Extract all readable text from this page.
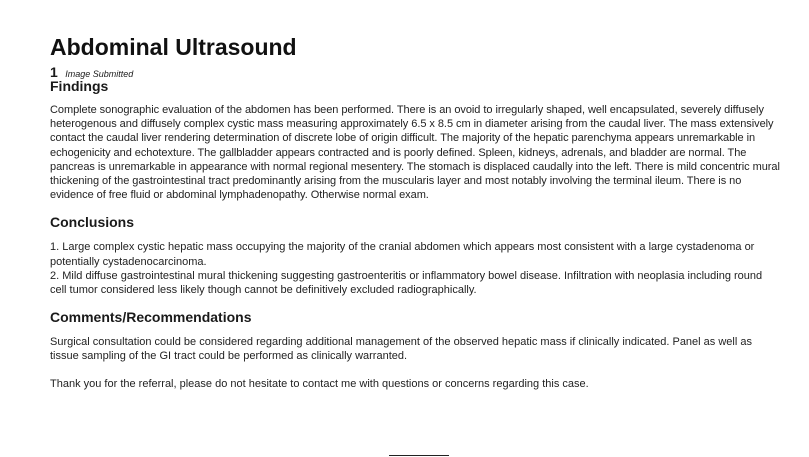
Abdominal Ultrasound
1 Image Submitted
Findings

Complete sonographic evaluation of the abdomen has been performed. There is an ovoid to irregularly shaped, well encapsulated, severely diffusely heterogenous and diffusely complex cystic mass measuring approximately 6.5 x 8.5 cm in diameter arising from the caudal liver. The mass extensively contact the caudal liver rendering determination of discrete lobe of origin difficult. The majority of the hepatic parenchyma appears unremarkable in echogenicity and echotexture. The gallbladder appears contracted and is poorly defined. Spleen, kidneys, adrenals, and bladder are normal. The pancreas is unremarkable in appearance with normal regional mesentery. The stomach is displaced caudally into the left. There is mild concentric mural thickening of the gastrointestinal tract predominantly arising from the muscularis layer and most notably involving the terminal ileum. There is no evidence of free fluid or abdominal lymphadenopathy. Otherwise normal exam.

Conclusions
1. Large complex cystic hepatic mass occupying the majority of the cranial abdomen which appears most consistent with a large cystadenoma or potentially cystadenocarcinoma.
2. Mild diffuse gastrointestinal mural thickening suggesting gastroenteritis or inflammatory bowel disease. Infiltration with neoplasia including round cell tumor considered less likely though cannot be definitively excluded radiographically.
Comments/Recommendations

Surgical consultation could be considered regarding additional management of the observed hepatic mass if clinically indicated. Panel as well as tissue sampling of the GI tract could be performed as clinically warranted.

Thank you for the referral, please do not hesitate to contact me with questions or concerns regarding this case.
